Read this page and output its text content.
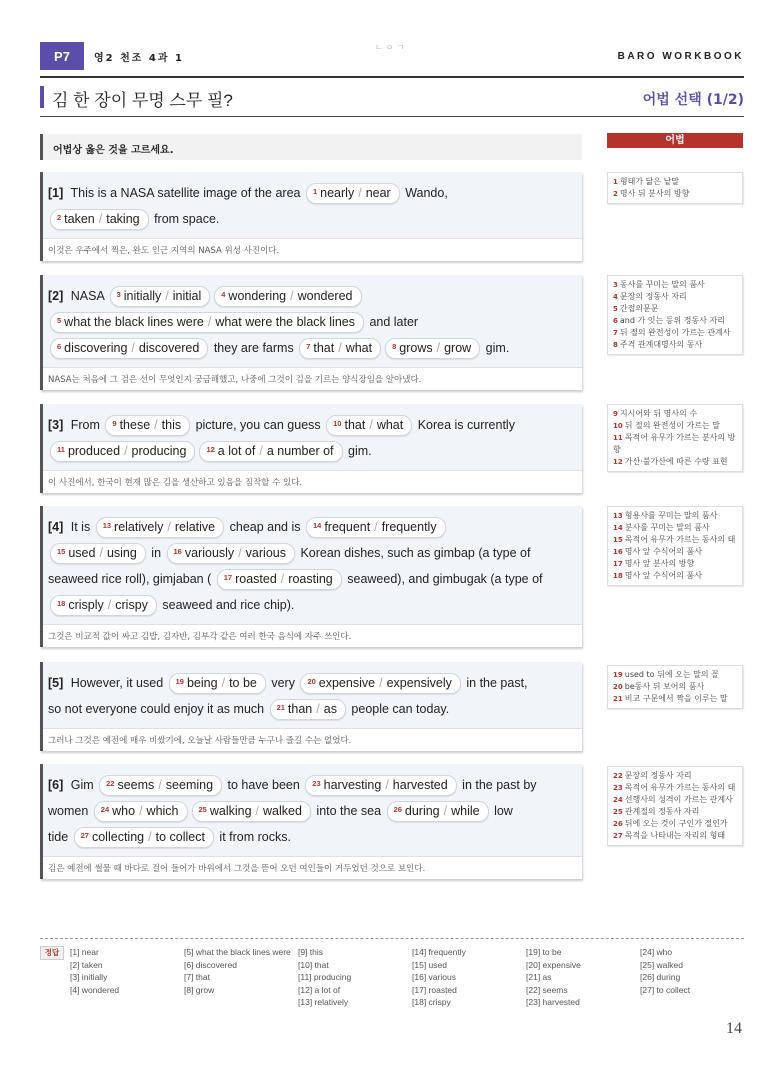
P7	영2 천조 4과 1
ㄴㅇㄱ
BARO WORKBOOK
김 한 장이 무명 스무 필?	어법 선택 (1/2)
어법상 옳은 것을 고르세요.
어법
[1] This is a NASA satellite image of the area $^1$ nearly / near Wando,
$^2$ taken / taking from space.
이것은 우주에서 찍은, 완도 인근 지역의 NASA 위성 사진이다.
[2] NASA $^3$ initially / initial	$^4$ wondering / wondered
$^5$ what the black lines were / what were the black lines and later
$^6$ discovering / discovered they are farms $^7$ that / what	$^8$ grows / grow gim.
NASA는 처음에 그 검은 선이 무엇인지 궁금해했고, 나중에 그것이 김을 기르는 양식장임을 알아냈다.
[3] From $^9$ these / this picture, you can guess $^{10}$ that / what Korea is currently
$^{11}$ produced / producing	$^{12}$ a lot of / a number of gim.
이 사진에서, 한국이 현재 많은 김을 생산하고 있음을 짐작할 수 있다.
[4] It is $^{13}$ relatively / relative cheap and is $^{14}$ frequent / frequently
$^{15}$ used / using in $^{16}$ variously / various Korean dishes, such as gimbap (a type of
seaweed rice roll), gimjaban ( $^{17}$ roasted / roasting seaweed), and gimbugak (a type of
$^{18}$ crisply / crispy seaweed and rice chip).
그것은 비교적 값이 싸고 김밥, 김자반, 김부각 같은 여러 한국 음식에 자주 쓰인다.
[5] However, it used $^{19}$ being / to be very $^{20}$ expensive / expensively in the past,
so not everyone could enjoy it as much $^{21}$ than / as people can today.
그러나 그것은 예전에 매우 비쌌기에, 오늘날 사람들만큼 누구나 즐길 수는 없었다.
[6] Gim $^{22}$ seems / seeming to have been $^{23}$ harvesting / harvested in the past by
women $^{24}$ who / which	$^{25}$ walking / walked into the sea $^{26}$ during / while low
tide $^{27}$ collecting / to collect it from rocks.
김은 예전에 썰물 때 바다로 걸어 들어가 바위에서 그것을 뜯어 오던 여인들이 거두었던 것으로 보인다.
1 형태가 닮은 낱말
2 명사 뒤 분사의 방향
3 동사를 꾸미는 말의 품사
4 문장의 정동사 자리
5 간접의문문
6 and 가 잇는 등위 정동사 자리
7 뒤 절의 완전성이 가르는 관계사
8 주격 관계대명사의 동사
9 지시어와 뒤 명사의 수
10 뒤 절의 완전성이 가르는 말
11 목적어 유무가 가르는 분사의 방향
12 가산·불가산에 따른 수량 표현
13 형용사를 꾸미는 말의 품사
14 분사를 꾸미는 말의 품사
15 목적어 유무가 가르는 동사의 태
16 명사 앞 수식어의 품사
17 명사 앞 분사의 방향
18 명사 앞 수식어의 품사
19 used to 뒤에 오는 말의 꼴
20 be동사 뒤 보어의 품사
21 비교 구문에서 짝을 이루는 말
22 문장의 정동사 자리
23 목적어 유무가 가르는 동사의 태
24 선행사의 성격이 가르는 관계사
25 관계절의 정동사 자리
26 뒤에 오는 것이 구인가 절인가
27 목적을 나타내는 자리의 형태
정답	[1] near
[2] taken
[3] initially
[4] wondered
[5] what the black lines were
[6] discovered
[7] that
[8] grow
[9] this
[10] that
[11] producing
[12] a lot of
[13] relatively
[14] frequently
[15] used
[16] various
[17] roasted
[18] crispy
[19] to be
[20] expensive
[21] as
[22] seems
[23] harvested
[24] who
[25] walked
[26] during
[27] to collect
14
